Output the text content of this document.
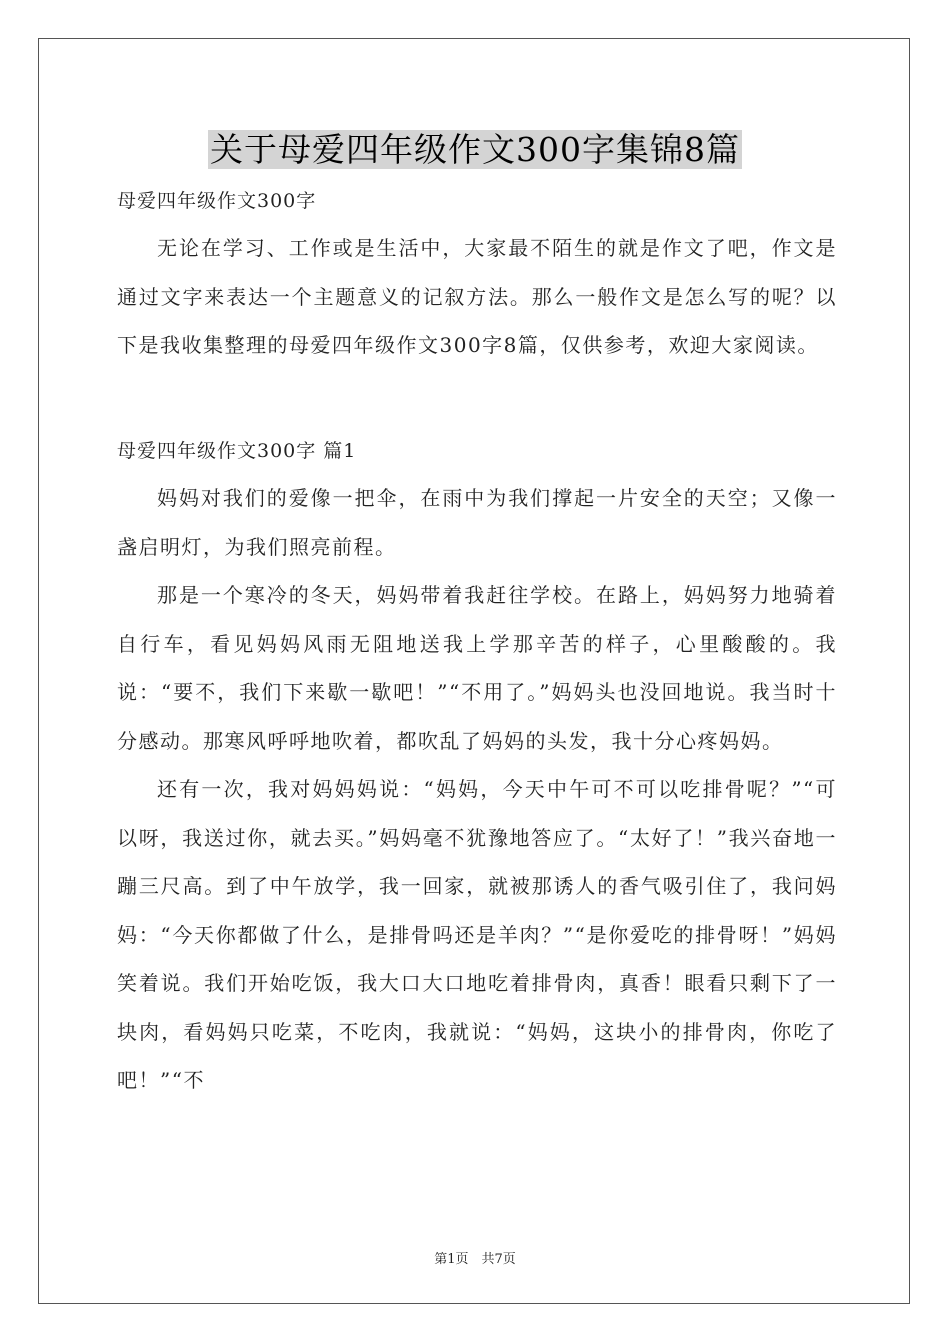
关于母爱四年级作文300字集锦8篇
母爱四年级作文300字

无论在学习、工作或是生活中，大家最不陌生的就是作文了吧，作文是通过文字来表达一个主题意义的记叙方法。那么一般作文是怎么写的呢？以下是我收集整理的母爱四年级作文300字8篇，仅供参考，欢迎大家阅读。

母爱四年级作文300字 篇1

妈妈对我们的爱像一把伞，在雨中为我们撑起一片安全的天空；又像一盏启明灯，为我们照亮前程。

那是一个寒冷的冬天，妈妈带着我赶往学校。在路上，妈妈努力地骑着自行车，看见妈妈风雨无阻地送我上学那辛苦的样子，心里酸酸的。我说：“要不，我们下来歇一歇吧！”“不用了。”妈妈头也没回地说。我当时十分感动。那寒风呼呼地吹着，都吹乱了妈妈的头发，我十分心疼妈妈。

还有一次，我对妈妈妈说：“妈妈，今天中午可不可以吃排骨呢？”“可以呀，我送过你，就去买。”妈妈毫不犹豫地答应了。“太好了！”我兴奋地一蹦三尺高。到了中午放学，我一回家，就被那诱人的香气吸引住了，我问妈妈：“今天你都做了什么，是排骨吗还是羊肉？”“是你爱吃的排骨呀！”妈妈笑着说。我们开始吃饭，我大口大口地吃着排骨肉，真香！眼看只剩下了一块肉，看妈妈只吃菜，不吃肉，我就说：“妈妈，这块小的排骨肉，你吃了吧！”“不

第1页　共7页
